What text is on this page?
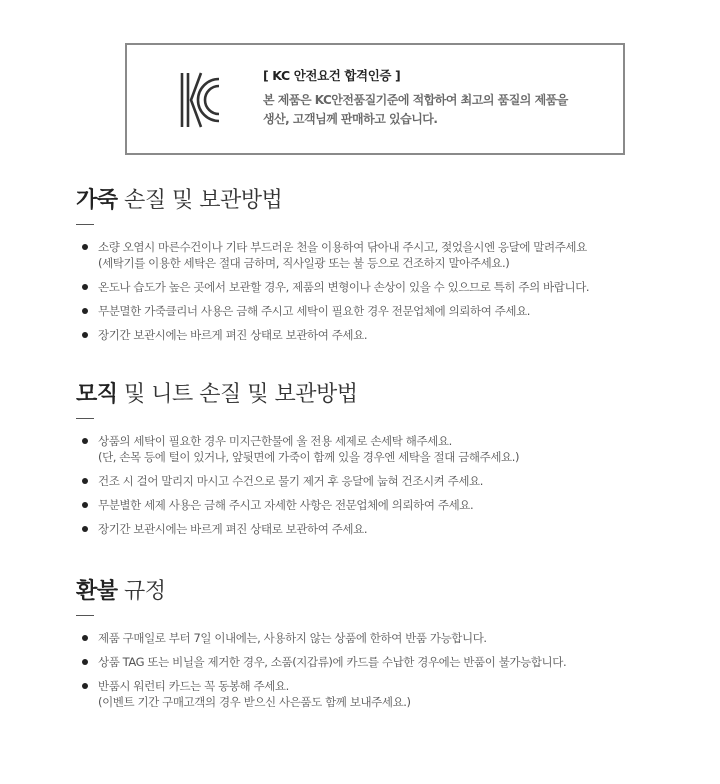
[ KC 안전요건 합격인증 ]
본 제품은 KC안전품질기준에 적합하여 최고의 품질의 제품을
생산, 고객님께 판매하고 있습니다.
가죽 손질 및 보관방법
소량 오염시 마른수건이나 기타 부드러운 천을 이용하여 닦아내 주시고, 젖었을시엔 응달에 말려주세요
(세탁기를 이용한 세탁은 절대 금하며, 직사일광 또는 불 등으로 건조하지 말아주세요.)
온도나 습도가 높은 곳에서 보관할 경우, 제품의 변형이나 손상이 있을 수 있으므로 특히 주의 바랍니다.
무분멸한 가죽클리너 사용은 금해 주시고 세탁이 필요한 경우 전문업체에 의뢰하여 주세요.
장기간 보관시에는 바르게 펴진 상태로 보관하여 주세요.
모직 및 니트 손질 및 보관방법
상품의 세탁이 필요한 경우 미지근한물에 울 전용 세제로 손세탁 해주세요.
(단, 손목 등에 털이 있거나, 앞뒷면에 가죽이 함께 있을 경우엔 세탁을 절대 금해주세요.)
건조 시 걸어 말리지 마시고 수건으로 물기 제거 후 응달에 눕혀 건조시켜 주세요.
무분별한 세제 사용은 금해 주시고 자세한 사항은 전문업체에 의뢰하여 주세요.
장기간 보관시에는 바르게 펴진 상태로 보관하여 주세요.
환불 규정
제품 구매일로 부터 7일 이내에는, 사용하지 않는 상품에 한하여 반품 가능합니다.
상품 TAG 또는 비닐을 제거한 경우, 소품(지갑류)에 카드를 수납한 경우에는 반품이 불가능합니다.
반품시 워런티 카드는 꼭 동봉해 주세요.
(이벤트 기간 구매고객의 경우 받으신 사은품도 함께 보내주세요.)
